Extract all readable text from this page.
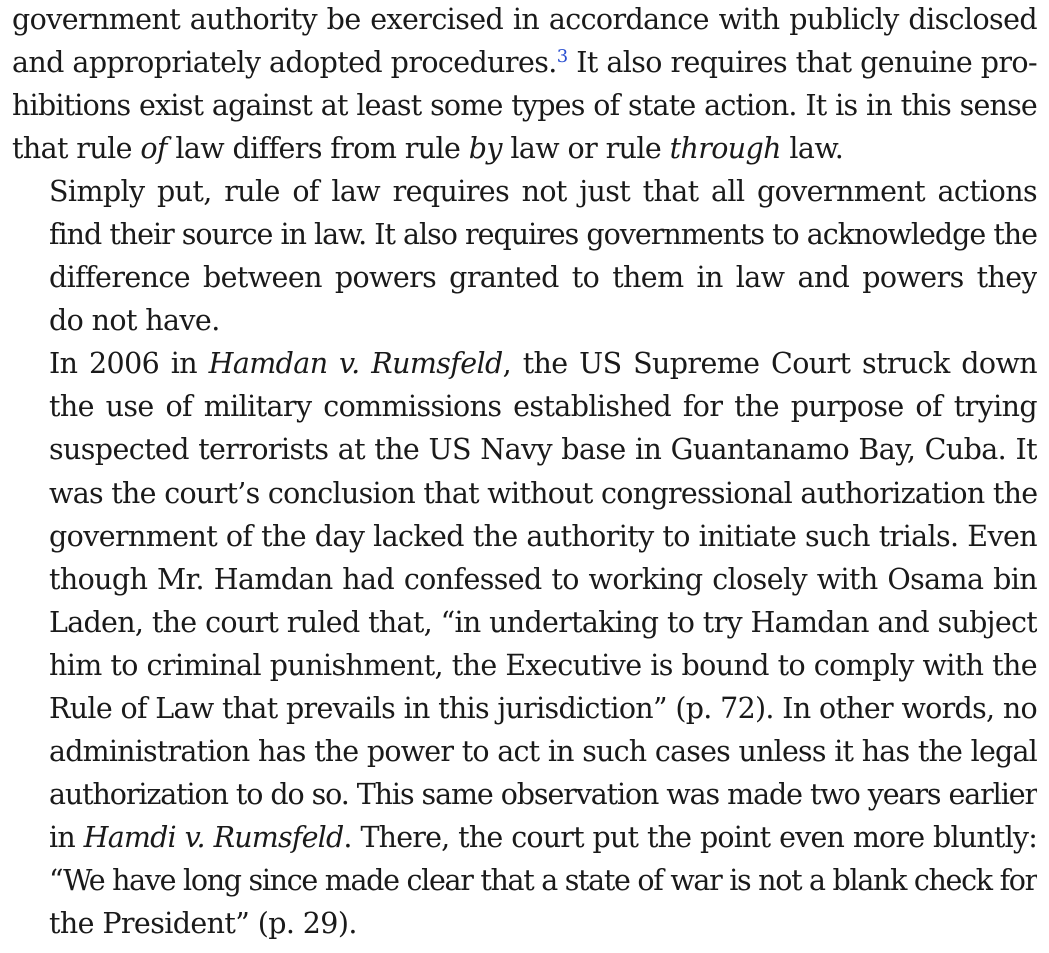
government authority be exercised in accordance with publicly disclosed
and appropriately adopted procedures.$^3$ It also requires that genuine pro-
hibitions exist against at least some types of state action. It is in this sense
that rule of law differs from rule by law or rule through law.

Simply put, rule of law requires not just that all government actions
find their source in law. It also requires governments to acknowledge the
difference between powers granted to them in law and powers they
do not have.

In 2006 in Hamdan v. Rumsfeld, the US Supreme Court struck down
the use of military commissions established for the purpose of trying
suspected terrorists at the US Navy base in Guantanamo Bay, Cuba. It
was the court’s conclusion that without congressional authorization the
government of the day lacked the authority to initiate such trials. Even
though Mr. Hamdan had confessed to working closely with Osama bin
Laden, the court ruled that, “in undertaking to try Hamdan and subject
him to criminal punishment, the Executive is bound to comply with the
Rule of Law that prevails in this jurisdiction” (p. 72). In other words, no
administration has the power to act in such cases unless it has the legal
authorization to do so. This same observation was made two years earlier
in Hamdi v. Rumsfeld. There, the court put the point even more bluntly:
“We have long since made clear that a state of war is not a blank check for
the President” (p. 29).
